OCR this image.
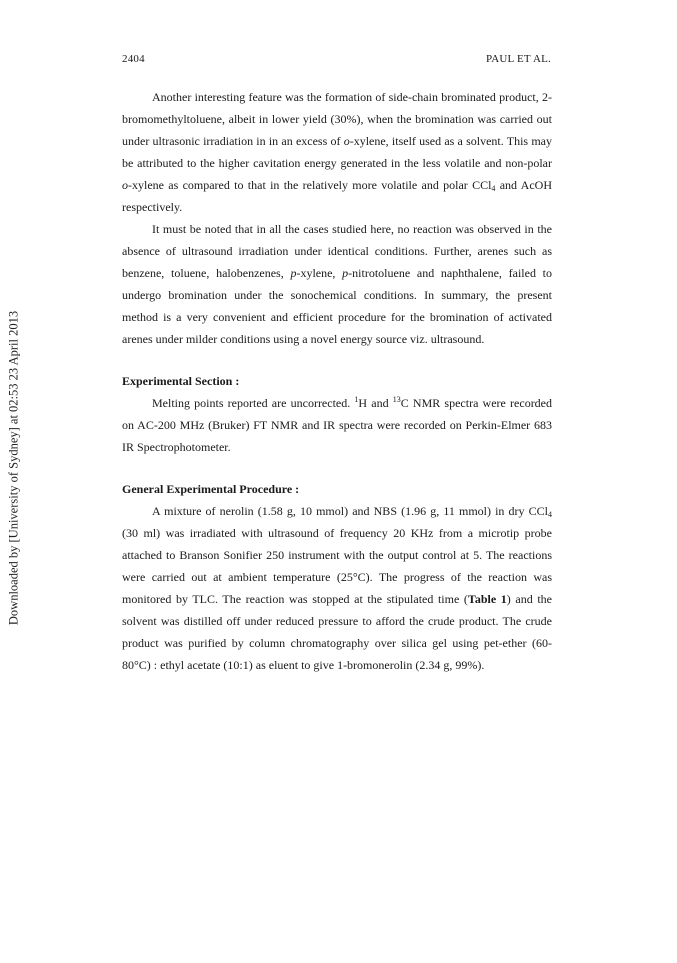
Downloaded by [University of Sydney] at 02:53 23 April 2013
2404	PAUL ET AL.

Another interesting feature was the formation of side-chain brominated product, 2-bromomethyltoluene, albeit in lower yield (30%), when the bromination was carried out under ultrasonic irradiation in in an excess of o-xylene, itself used as a solvent. This may be attributed to the higher cavitation energy generated in the less volatile and non-polar o-xylene as compared to that in the relatively more volatile and polar CCl$_4$ and AcOH respectively.

It must be noted that in all the cases studied here, no reaction was observed in the absence of ultrasound irradiation under identical conditions. Further, arenes such as benzene, toluene, halobenzenes, p-xylene, p-nitrotoluene and naphthalene, failed to undergo bromination under the sonochemical conditions. In summary, the present method is a very convenient and efficient procedure for the bromination of activated arenes under milder conditions using a novel energy source viz. ultrasound.

Experimental Section :

Melting points reported are uncorrected. $^1$H and $^{13}$C NMR spectra were recorded on AC-200 MHz (Bruker) FT NMR and IR spectra were recorded on Perkin-Elmer 683 IR Spectrophotometer.

General Experimental Procedure :

A mixture of nerolin (1.58 g, 10 mmol) and NBS (1.96 g, 11 mmol) in dry CCl$_4$ (30 ml) was irradiated with ultrasound of frequency 20 KHz from a microtip probe attached to Branson Sonifier 250 instrument with the output control at 5. The reactions were carried out at ambient temperature (25°C). The progress of the reaction was monitored by TLC. The reaction was stopped at the stipulated time (Table 1) and the solvent was distilled off under reduced pressure to afford the crude product. The crude product was purified by column chromatography over silica gel using pet-ether (60-80°C) : ethyl acetate (10:1) as eluent to give 1-bromonerolin (2.34 g, 99%).
